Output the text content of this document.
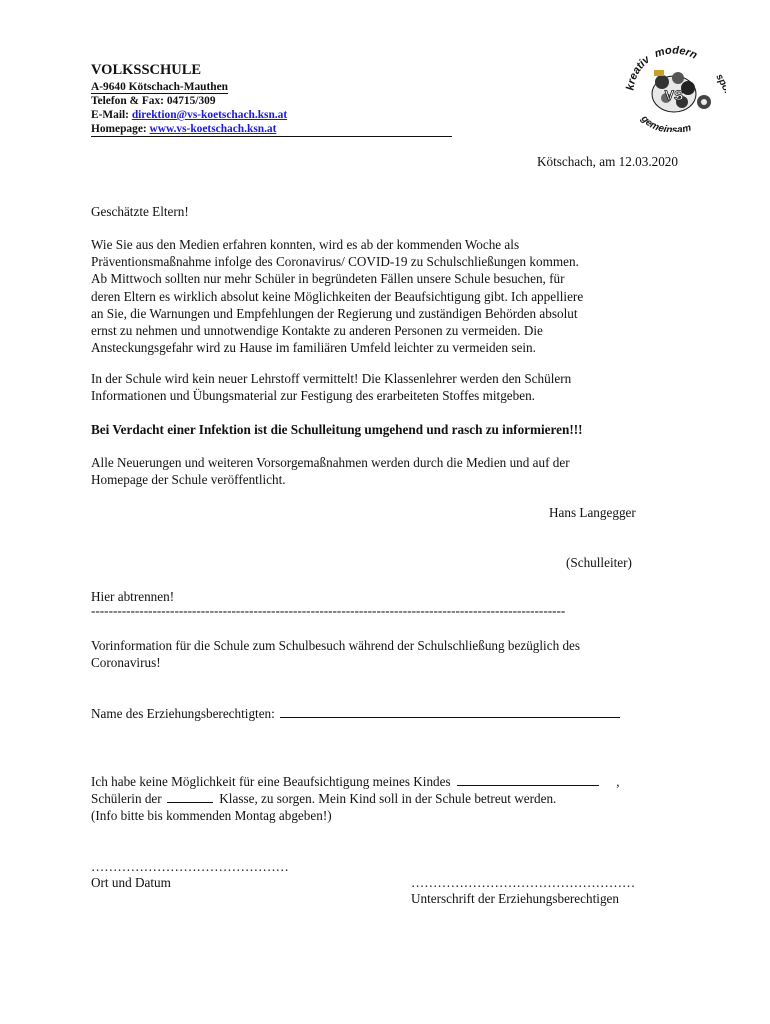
VOLKSSCHULE
A-9640 Kötschach-Mauthen
Telefon & Fax: 04715/309
E-Mail: direktion@vs-koetschach.ksn.at
Homepage: www.vs-koetschach.ksn.at
VS
kreativ
modern
sportlich
gemeinsam
Kötschach, am 12.03.2020
Geschätzte Eltern!
Wie Sie aus den Medien erfahren konnten, wird es ab der kommenden Woche als
Präventionsmaßnahme infolge des Coronavirus/ COVID-19 zu Schulschließungen kommen.
Ab Mittwoch sollten nur mehr Schüler in begründeten Fällen unsere Schule besuchen, für
deren Eltern es wirklich absolut keine Möglichkeiten der Beaufsichtigung gibt. Ich appelliere
an Sie, die Warnungen und Empfehlungen der Regierung und zuständigen Behörden absolut
ernst zu nehmen und unnotwendige Kontakte zu anderen Personen zu vermeiden. Die
Ansteckungsgefahr wird zu Hause im familiären Umfeld leichter zu vermeiden sein.
In der Schule wird kein neuer Lehrstoff vermittelt! Die Klassenlehrer werden den Schülern
Informationen und Übungsmaterial zur Festigung des erarbeiteten Stoffes mitgeben.
Bei Verdacht einer Infektion ist die Schulleitung umgehend und rasch zu informieren!!!
Alle Neuerungen und weiteren Vorsorgemaßnahmen werden durch die Medien und auf der
Homepage der Schule veröffentlicht.
Hans Langegger
(Schulleiter)
Hier abtrennen!
------------------------------------------------------------------------------------------------------------
Vorinformation für die Schule zum Schulbesuch während der Schulschließung bezüglich des
Coronavirus!
Name des Erziehungsberechtigten:
Ich habe keine Möglichkeit für eine Beaufsichtigung meines Kindes	,
Schülerin der	Klasse, zu sorgen. Mein Kind soll in der Schule betreut werden.
(Info bitte bis kommenden Montag abgeben!)
………………………………………
Ort und Datum	……………………………………………
Unterschrift der Erziehungsberechtigen
